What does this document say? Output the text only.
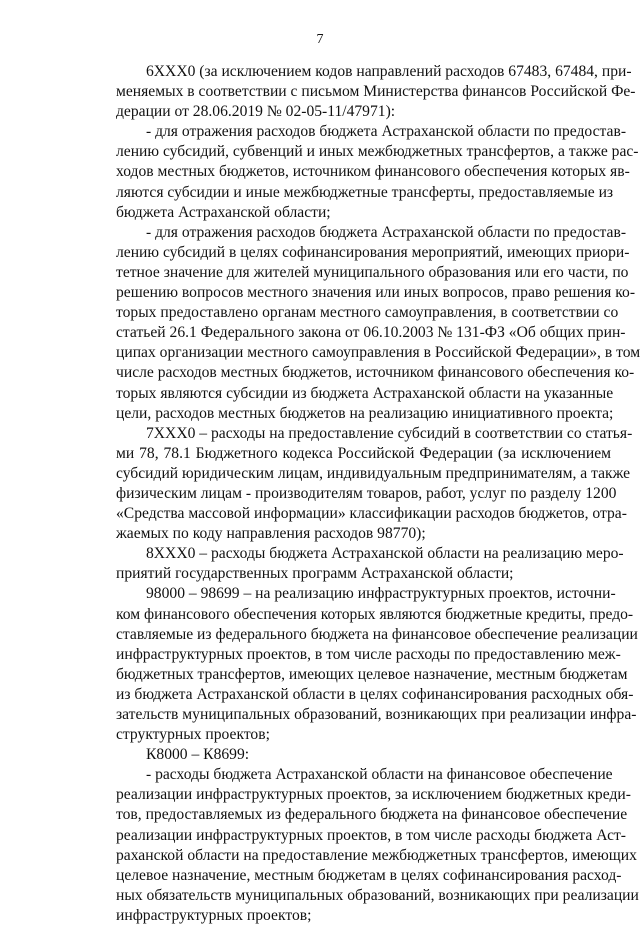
7
6XXX0 (за исключением кодов направлений расходов 67483, 67484, при-
меняемых в соответствии с письмом Министерства финансов Российской Фе-
дерации от 28.06.2019 № 02-05-11/47971):
- для отражения расходов бюджета Астраханской области по предостав-
лению субсидий, субвенций и иных межбюджетных трансфертов, а также рас-
ходов местных бюджетов, источником финансового обеспечения которых яв-
ляются субсидии и иные межбюджетные трансферты, предоставляемые из
бюджета Астраханской области;
- для отражения расходов бюджета Астраханской области по предостав-
лению субсидий в целях софинансирования мероприятий, имеющих приори-
тетное значение для жителей муниципального образования или его части, по
решению вопросов местного значения или иных вопросов, право решения ко-
торых предоставлено органам местного самоуправления, в соответствии со
статьей 26.1 Федерального закона от 06.10.2003 № 131-ФЗ «Об общих прин-
ципах организации местного самоуправления в Российской Федерации», в том
числе расходов местных бюджетов, источником финансового обеспечения ко-
торых являются субсидии из бюджета Астраханской области на указанные
цели, расходов местных бюджетов на реализацию инициативного проекта;
7XXX0 – расходы на предоставление субсидий в соответствии со статья-
ми 78, 78.1 Бюджетного кодекса Российской Федерации (за исключением
субсидий юридическим лицам, индивидуальным предпринимателям, а также
физическим лицам - производителям товаров, работ, услуг по разделу 1200
«Средства массовой информации» классификации расходов бюджетов, отра-
жаемых по коду направления расходов 98770);
8XXX0 – расходы бюджета Астраханской области на реализацию меро-
приятий государственных программ Астраханской области;
98000 – 98699 – на реализацию инфраструктурных проектов, источни-
ком финансового обеспечения которых являются бюджетные кредиты, предо-
ставляемые из федерального бюджета на финансовое обеспечение реализации
инфраструктурных проектов, в том числе расходы по предоставлению меж-
бюджетных трансфертов, имеющих целевое назначение, местным бюджетам
из бюджета Астраханской области в целях софинансирования расходных обя-
зательств муниципальных образований, возникающих при реализации инфра-
структурных проектов;
К8000 – К8699:
- расходы бюджета Астраханской области на финансовое обеспечение
реализации инфраструктурных проектов, за исключением бюджетных креди-
тов, предоставляемых из федерального бюджета на финансовое обеспечение
реализации инфраструктурных проектов, в том числе расходы бюджета Аст-
раханской области на предоставление межбюджетных трансфертов, имеющих
целевое назначение, местным бюджетам в целях софинансирования расход-
ных обязательств муниципальных образований, возникающих при реализации
инфраструктурных проектов;
